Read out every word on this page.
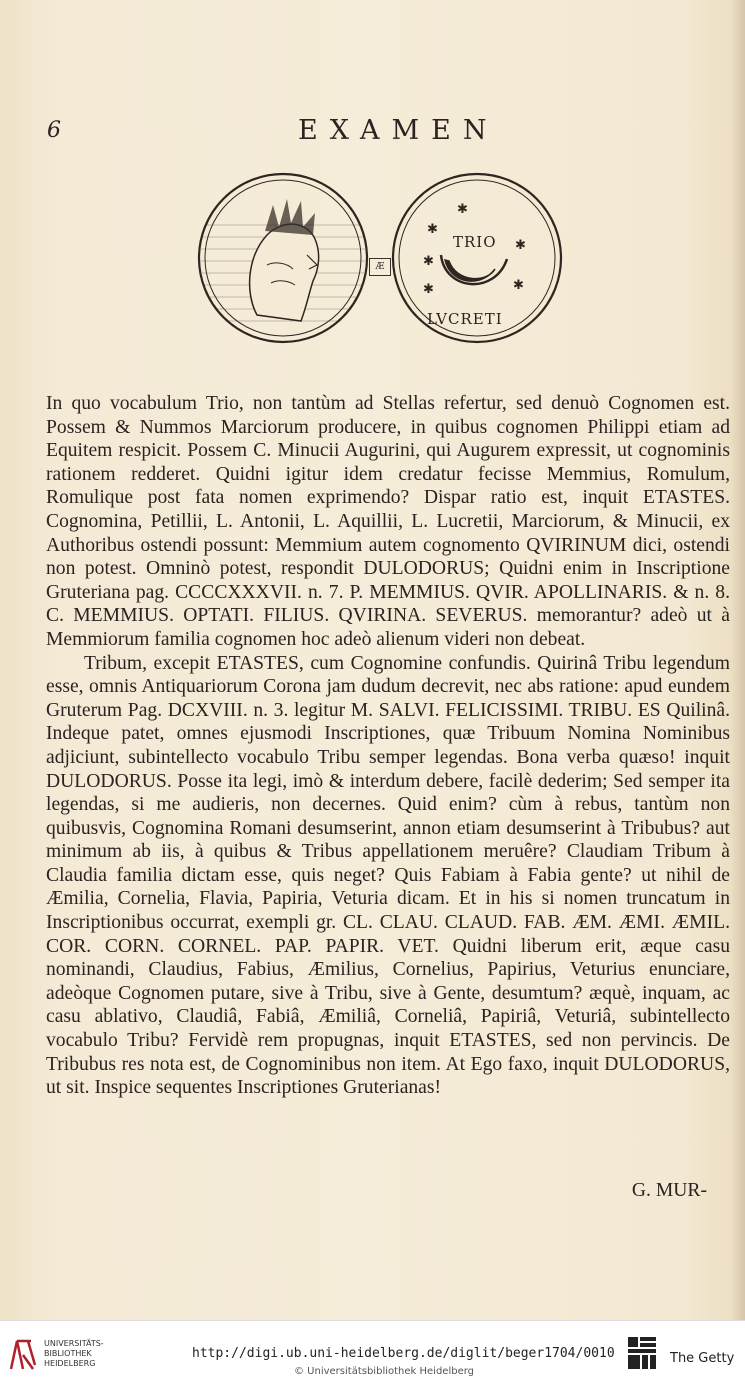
6	EXAMEN
✱
✱
✱
✱
✱	✱
TRIO
LVCRETI
Æ

In quo vocabulum Trio, non tantùm ad Stellas refertur, sed denuò Cognomen est. Possem & Nummos Marciorum producere, in quibus cognomen Philippi etiam ad Equitem respicit. Possem C. Minucii Augurini, qui Augurem expressit, ut cognominis rationem redderet. Quidni igitur idem credatur fecisse Memmius, Romulum, Romulique post fata nomen exprimendo? Dispar ratio est, inquit ETASTES. Cognomina, Petillii, L. Antonii, L. Aquillii, L. Lucretii, Marciorum, & Minucii, ex Authoribus ostendi possunt: Memmium autem cognomento QVIRINUM dici, ostendi non potest. Omninò potest, respondit DULODORUS; Quidni enim in Inscriptione Gruteriana pag. CCCCXXXVII. n. 7. P. MEMMIUS. QVIR. APOLLINARIS. & n. 8. C. MEMMIUS. OPTATI. FILIUS. QVIRINA. SEVERUS. memorantur? adeò ut à Memmiorum familia cognomen hoc adeò alienum videri non debeat.

Tribum, excepit ETASTES, cum Cognomine confundis. Quirinâ Tribu legendum esse, omnis Antiquariorum Corona jam dudum decrevit, nec abs ratione: apud eundem Gruterum Pag. DCXVIII. n. 3. legitur M. SALVI. FELICISSIMI. TRIBU. ES Quilinâ. Indeque patet, omnes ejusmodi Inscriptiones, quæ Tribuum Nomina Nominibus adjiciunt, subintellecto vocabulo Tribu semper legendas. Bona verba quæso! inquit DULODORUS. Posse ita legi, imò & interdum debere, facilè dederim; Sed semper ita legendas, si me audieris, non decernes. Quid enim? cùm à rebus, tantùm non quibusvis, Cognomina Romani desumserint, annon etiam desumserint à Tribubus? aut minimum ab iis, à quibus & Tribus appellationem meruêre? Claudiam Tribum à Claudia familia dictam esse, quis neget? Quis Fabiam à Fabia gente? ut nihil de Æmilia, Cornelia, Flavia, Papiria, Veturia dicam. Et in his si nomen truncatum in Inscriptionibus occurrat, exempli gr. CL. CLAU. CLAUD. FAB. ÆM. ÆMI. ÆMIL. COR. CORN. CORNEL. PAP. PAPIR. VET. Quidni liberum erit, æque casu nominandi, Claudius, Fabius, Æmilius, Cornelius, Papirius, Veturius enunciare, adeòque Cognomen putare, sive à Tribu, sive à Gente, desumtum? æquè, inquam, ac casu ablativo, Claudiâ, Fabiâ, Æmiliâ, Corneliâ, Papiriâ, Veturiâ, subintellecto vocabulo Tribu? Fervidè rem propugnas, inquit ETASTES, sed non pervincis. De Tribubus res nota est, de Cognominibus non item. At Ego faxo, inquit DULODORUS, ut sit. Inspice sequentes Inscriptiones Gruterianas!

G. MUR-
UNIVERSITÄTS-
BIBLIOTHEK
HEIDELBERG
http://digi.ub.uni-heidelberg.de/diglit/beger1704/0010
© Universitätsbibliothek Heidelberg
The Getty
